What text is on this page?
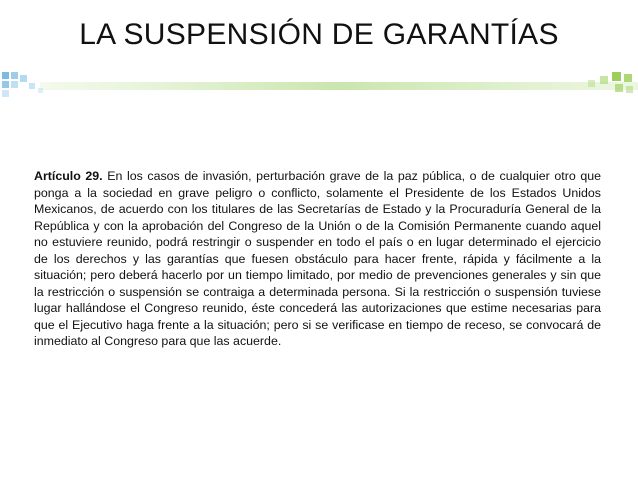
LA SUSPENSIÓN DE GARANTÍAS
Artículo 29. En los casos de invasión, perturbación grave de la paz pública, o de cualquier otro que ponga a la sociedad en grave peligro o conflicto, solamente el Presidente de los Estados Unidos Mexicanos, de acuerdo con los titulares de las Secretarías de Estado y la Procuraduría General de la República y con la aprobación del Congreso de la Unión o de la Comisión Permanente cuando aquel no estuviere reunido, podrá restringir o suspender en todo el país o en lugar determinado el ejercicio de los derechos y las garantías que fuesen obstáculo para hacer frente, rápida y fácilmente a la situación; pero deberá hacerlo por un tiempo limitado, por medio de prevenciones generales y sin que la restricción o suspensión se contraiga a determinada persona. Si la restricción o suspensión tuviese lugar hallándose el Congreso reunido, éste concederá las autorizaciones que estime necesarias para que el Ejecutivo haga frente a la situación; pero si se verificase en tiempo de receso, se convocará de inmediato al Congreso para que las acuerde.
